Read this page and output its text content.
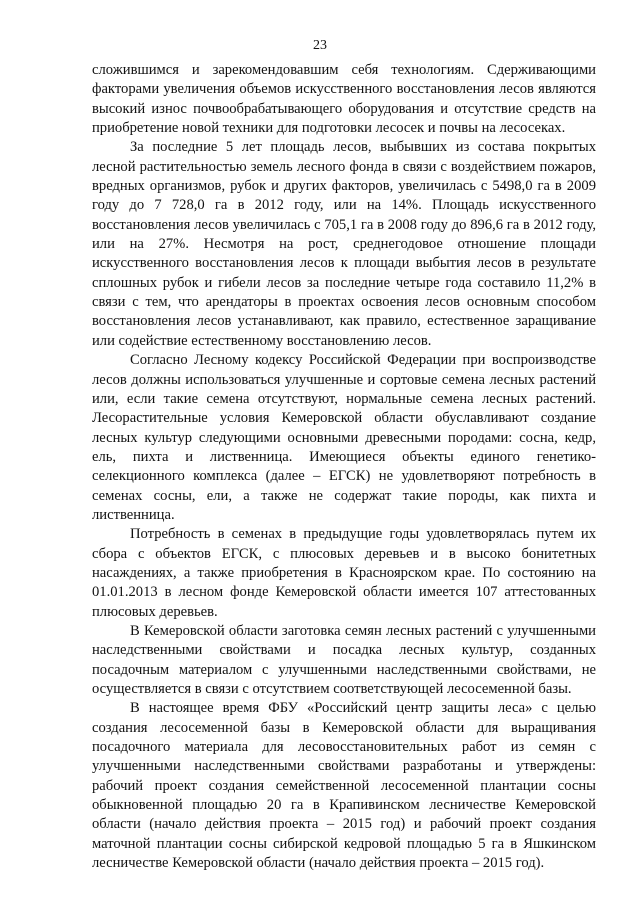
23

сложившимся и зарекомендовавшим себя технологиям. Сдерживающими факторами увеличения объемов искусственного восстановления лесов являются высокий износ почвообрабатывающего оборудования и отсутствие средств на приобретение новой техники для подготовки лесосек и почвы на лесосеках.

За последние 5 лет площадь лесов, выбывших из состава покрытых лесной растительностью земель лесного фонда в связи с воздействием пожаров, вредных организмов, рубок и других факторов, увеличилась с 5498,0 га в 2009 году до 7 728,0 га в 2012 году, или на 14%. Площадь искусственного восстановления лесов увеличилась с 705,1 га в 2008 году до 896,6 га в 2012 году, или на 27%. Несмотря на рост, среднегодовое отношение площади искусственного восстановления лесов к площади выбытия лесов в результате сплошных рубок и гибели лесов за последние четыре года составило 11,2% в связи с тем, что арендаторы в проектах освоения лесов основным способом восстановления лесов устанавливают, как правило, естественное заращивание или содействие естественному восстановлению лесов.

Согласно Лесному кодексу Российской Федерации при воспроизводстве лесов должны использоваться улучшенные и сортовые семена лесных растений или, если такие семена отсутствуют, нормальные семена лесных растений. Лесорастительные условия Кемеровской области обуславливают создание лесных культур следующими основными древесными породами: сосна, кедр, ель, пихта и лиственница. Имеющиеся объекты единого генетико-селекционного комплекса (далее – ЕГСК) не удовлетворяют потребность в семенах сосны, ели, а также не содержат такие породы, как пихта и лиственница.

Потребность в семенах в предыдущие годы удовлетворялась путем их сбора с объектов ЕГСК, с плюсовых деревьев и в высоко бонитетных насаждениях, а также приобретения в Красноярском крае. По состоянию на 01.01.2013 в лесном фонде Кемеровской области имеется 107 аттестованных плюсовых деревьев.

В Кемеровской области заготовка семян лесных растений с улучшенными наследственными свойствами и посадка лесных культур, созданных посадочным материалом с улучшенными наследственными свойствами, не осуществляется в связи с отсутствием соответствующей лесосеменной базы.

В настоящее время ФБУ «Российский центр защиты леса» с целью создания лесосеменной базы в Кемеровской области для выращивания посадочного материала для лесовосстановительных работ из семян с улучшенными наследственными свойствами разработаны и утверждены: рабочий проект создания семейственной лесосеменной плантации сосны обыкновенной площадью 20 га в Крапивинском лесничестве Кемеровской области (начало действия проекта – 2015 год) и рабочий проект создания маточной плантации сосны сибирской кедровой площадью 5 га в Яшкинском лесничестве Кемеровской области (начало действия проекта – 2015 год).
